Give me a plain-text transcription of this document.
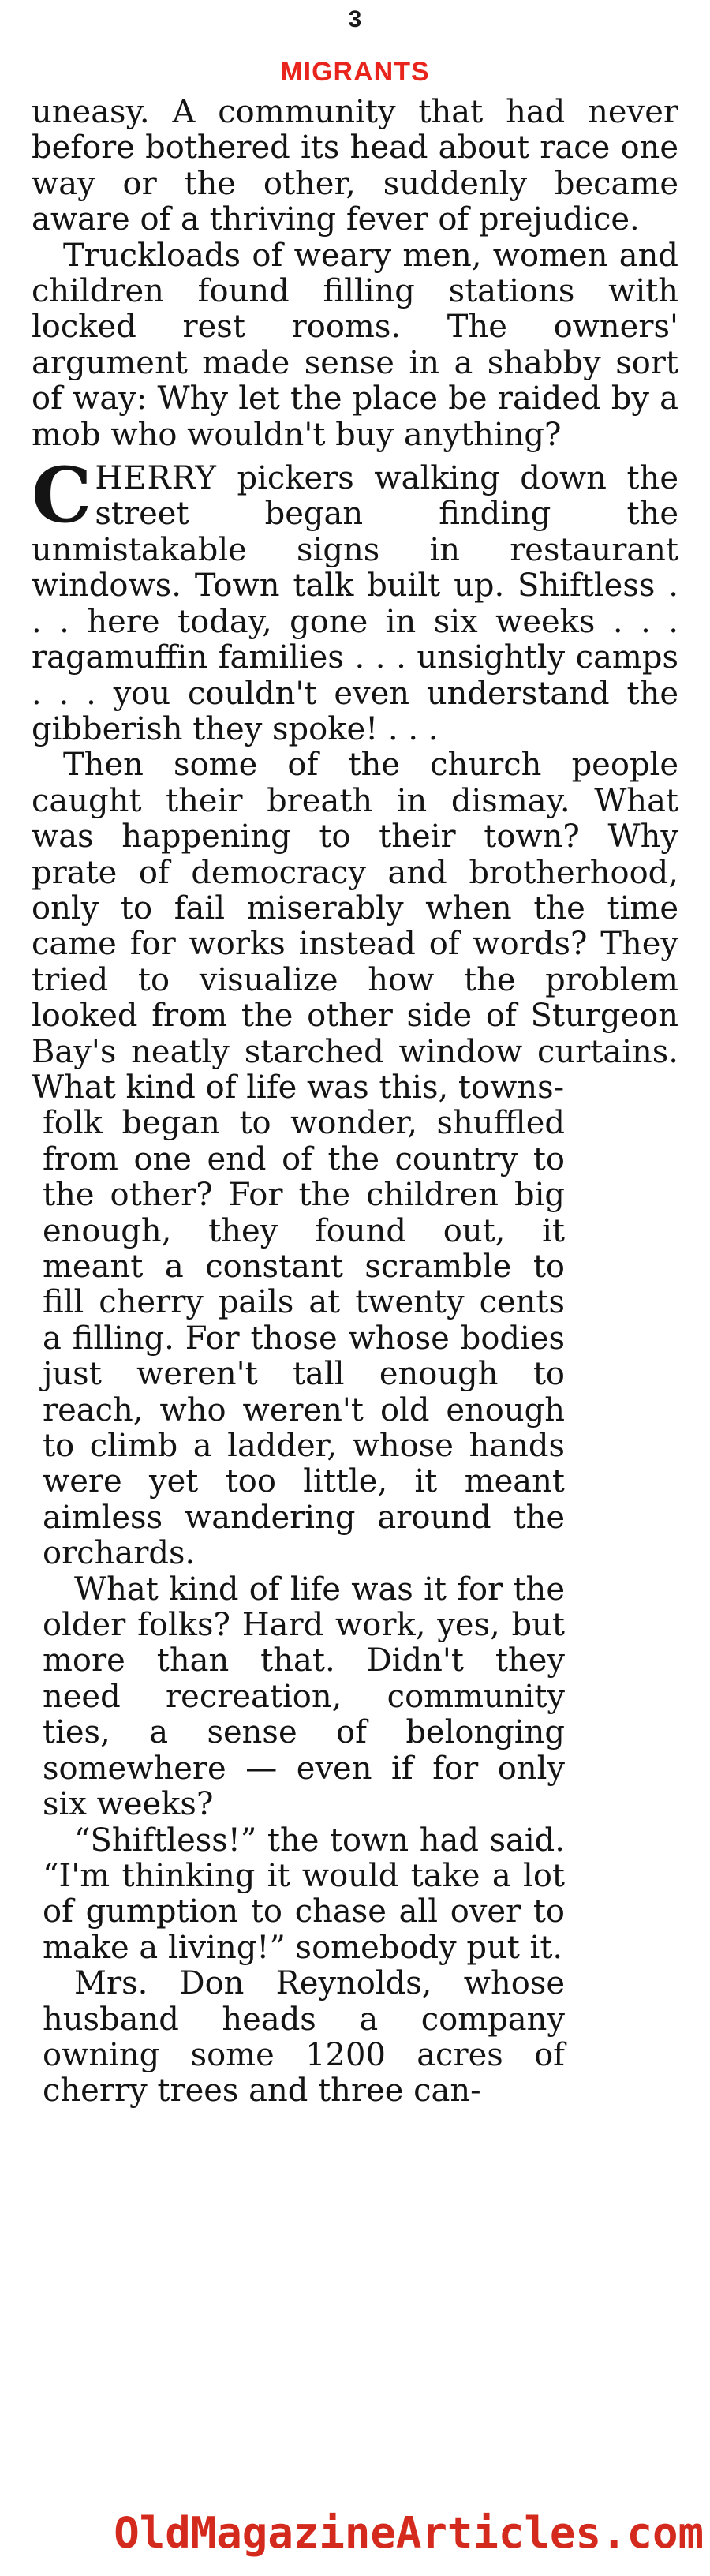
3
MIGRANTS

uneasy. A community that had never before bothered its head about race one way or the other, suddenly became aware of a thriving fever of prejudice.

Truckloads of weary men, women and children found filling stations with locked rest rooms. The owners' argument made sense in a shabby sort of way: Why let the place be raided by a mob who wouldn't buy anything?

CHERRY pickers walking down the street began finding the unmistakable signs in restaurant windows. Town talk built up. Shiftless . . . here today, gone in six weeks . . . ragamuffin families . . . unsightly camps . . . you couldn't even understand the gibberish they spoke! . . .

Then some of the church people caught their breath in dismay. What was happening to their town? Why prate of democracy and brotherhood, only to fail miserably when the time came for works instead of words? They tried to visualize how the problem looked from the other side of Sturgeon Bay's neatly starched window curtains. What kind of life was this, towns-

folk began to wonder, shuffled from one end of the country to the other? For the children big enough, they found out, it meant a constant scramble to fill cherry pails at twenty cents a filling. For those whose bodies just weren't tall enough to reach, who weren't old enough to climb a ladder, whose hands were yet too little, it meant aimless wandering around the orchards.

What kind of life was it for the older folks? Hard work, yes, but more than that. Didn't they need recreation, community ties, a sense of belonging somewhere — even if for only six weeks?

“Shiftless!” the town had said. “I'm thinking it would take a lot of gumption to chase all over to make a living!” somebody put it.

Mrs. Don Reynolds, whose husband heads a company owning some 1200 acres of cherry trees and three can-

OldMagazineArticles.com
